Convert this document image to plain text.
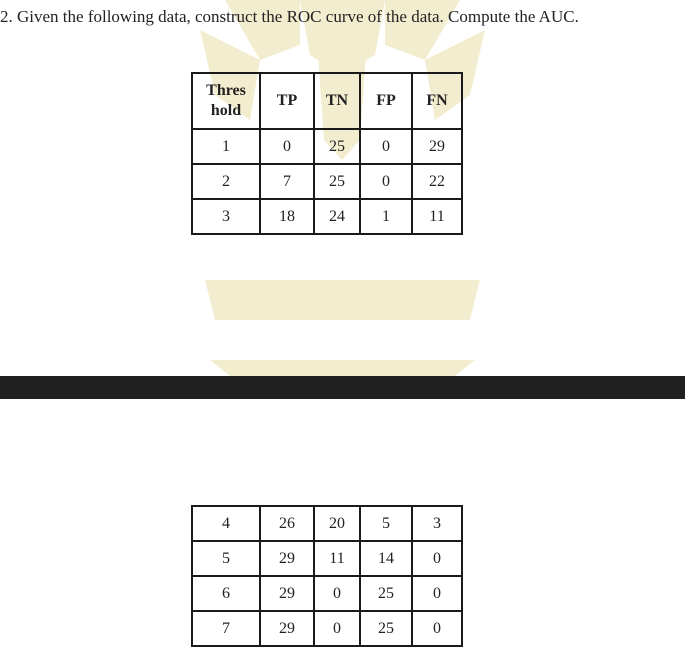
2. Given the following data, construct the ROC curve of the data. Compute the AUC.
Thres
hold	TP	TN	FP	FN
1	0	25	0	29
2	7	25	0	22
3	18	24	1	11
4	26	20	5	3
5	29	11	14	0
6	29	0	25	0
7	29	0	25	0
